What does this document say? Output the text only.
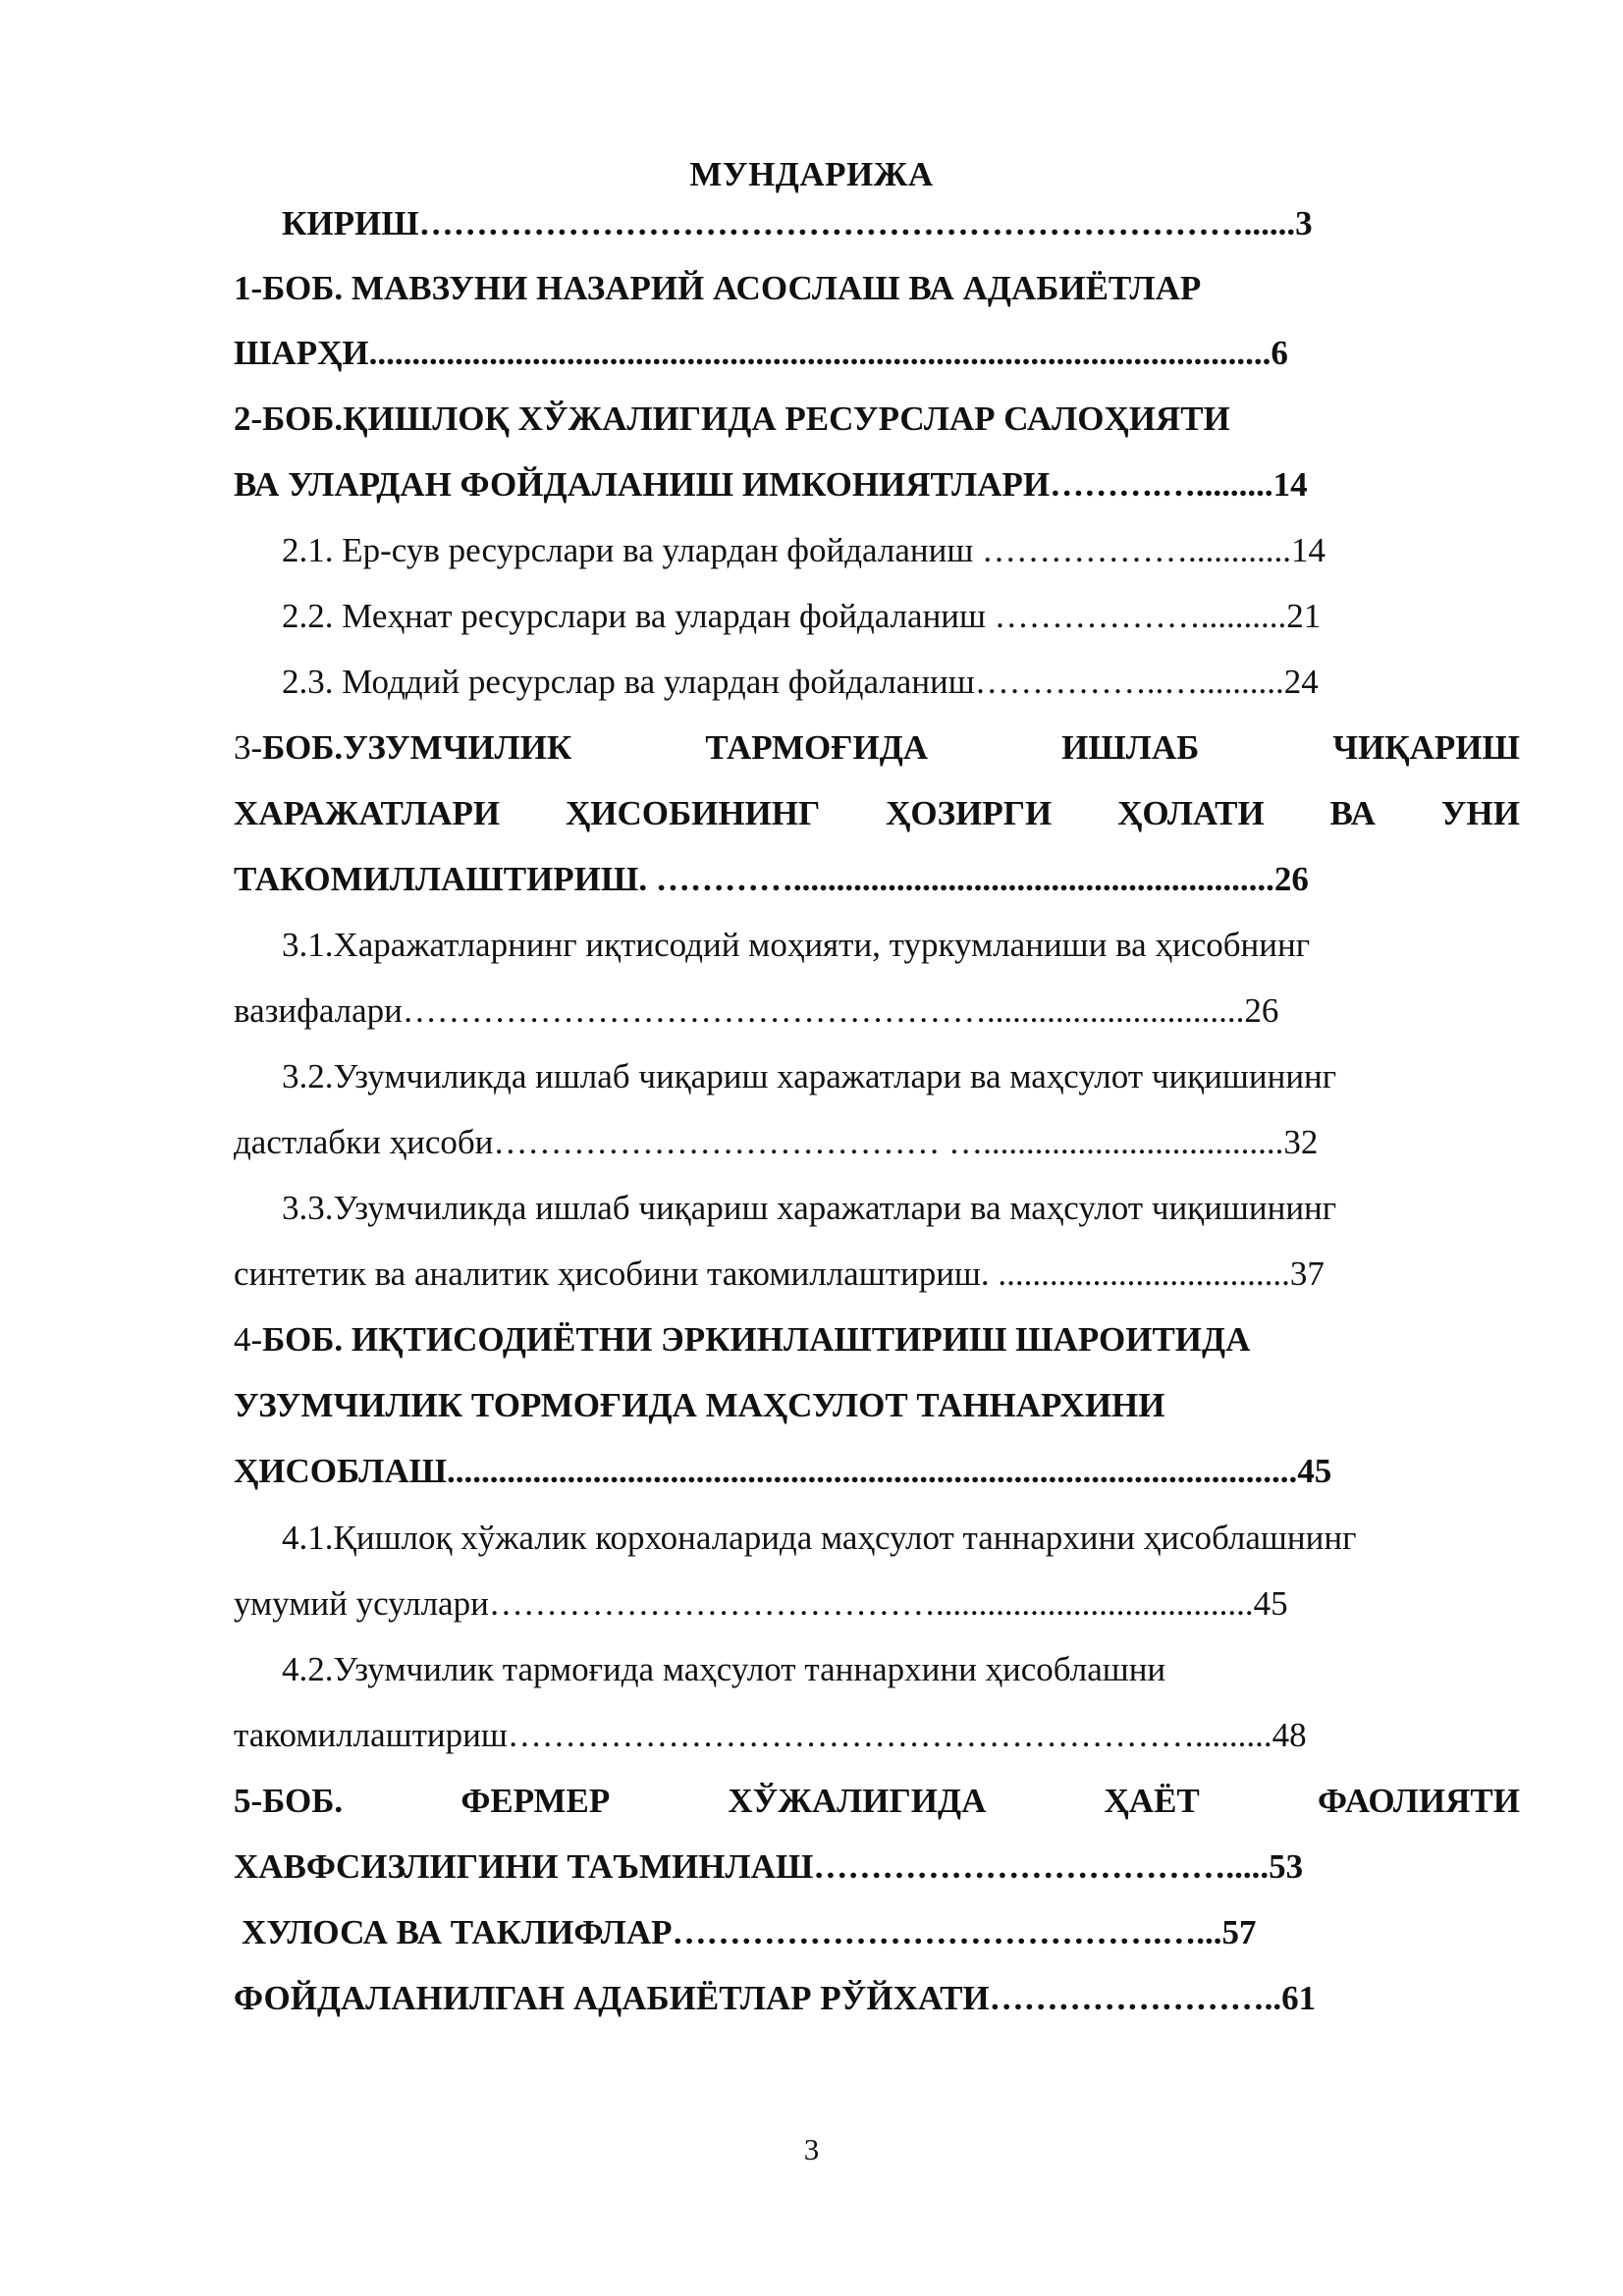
МУНДАРИЖА
КИРИШ………………………………………………………………......3
1-БОБ. МАВЗУНИ НАЗАРИЙ АСОСЛАШ ВА АДАБИЁТЛАР
ШАРҲИ.........................................................................................................6
2-БОБ.ҚИШЛОҚ ХЎЖАЛИГИДА РЕСУРСЛАР САЛОҲИЯТИ
ВА УЛАРДАН ФОЙДАЛАНИШ ИМКОНИЯТЛАРИ……….….........14
2.1. Ер-сув ресурслари ва улардан фойдаланиш ………………............14
2.2. Меҳнат ресурслари ва улардан фойдаланиш ………………..........21
2.3. Моддий ресурслар ва улардан фойдаланиш……………..…..........24
3-БОБ.УЗУМЧИЛИК	ТАРМОҒИДА	ИШЛАБ	ЧИҚАРИШ
ХАРАЖАТЛАРИ ҲИСОБИНИНГ ҲОЗИРГИ ҲОЛАТИ ВА УНИ
ТАКОМИЛЛАШТИРИШ. …………........................................................26
3.1.Харажатларнинг иқтисодий моҳияти, туркумланиши ва ҳисобнинг
вазифалари……………………………………………..............................26
3.2.Узумчиликда ишлаб чиқариш харажатлари ва маҳсулот чиқишининг
дастлабки ҳисоби………………………………… …...................................32
3.3.Узумчиликда ишлаб чиқариш харажатлари ва маҳсулот чиқишининг
синтетик ва аналитик ҳисобини такомиллаштириш. ..................................37
4-БОБ. ИҚТИСОДИЁТНИ ЭРКИНЛАШТИРИШ ШАРОИТИДА
УЗУМЧИЛИК ТОРМОҒИДА МАҲСУЛОТ ТАННАРХИНИ
ҲИСОБЛАШ...................................................................................................45
4.1.Қишлоқ хўжалик корхоналарида маҳсулот таннархини ҳисоблашнинг
умумий усуллари………………………………….....................................45
4.2.Узумчилик тармоғида маҳсулот таннархини ҳисоблашни
такомиллаштириш…………………………………………………….........48
5-БОБ.	ФЕРМЕР	ХЎЖАЛИГИДА	ҲАЁТ	ФАОЛИЯТИ
ХАВФСИЗЛИГИНИ ТАЪМИНЛАШ……………………………….....53
ХУЛОСА ВА ТАКЛИФЛАР…………………………………….…...57
ФОЙДАЛАНИЛГАН АДАБИЁТЛАР РЎЙХАТИ……………………..61
3
